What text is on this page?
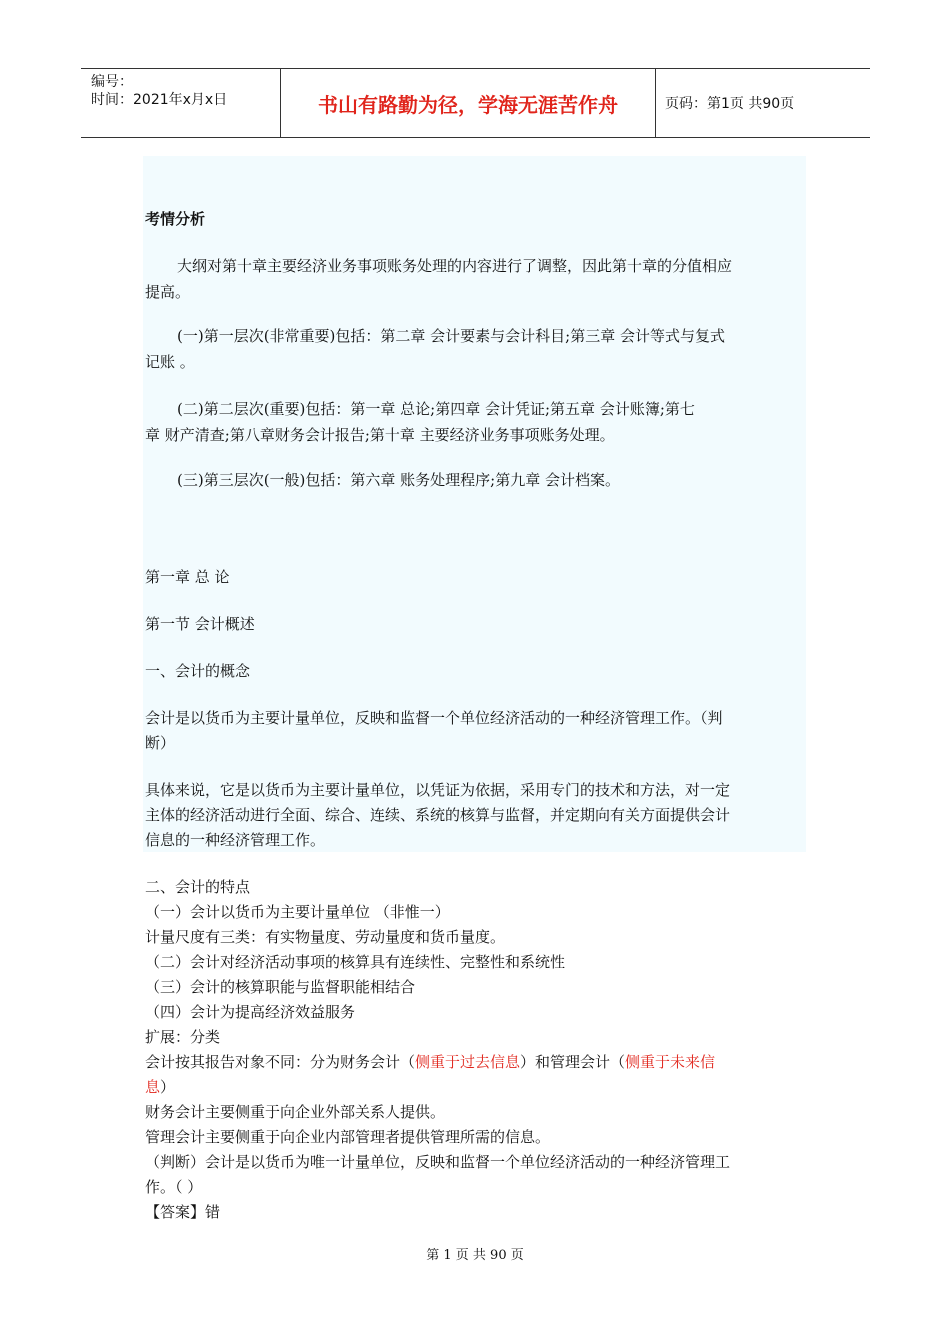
编号：
时间：2021年x月x日	书山有路勤为径，学海无涯苦作舟	页码：第1页 共90页
考情分析
大纲对第十章主要经济业务事项账务处理的内容进行了调整，因此第十章的分值相应
提高。
(一)第一层次(非常重要)包括：第二章 会计要素与会计科目;第三章 会计等式与复式
记账 。
(二)第二层次(重要)包括：第一章 总论;第四章 会计凭证;第五章 会计账簿;第七
章 财产清查;第八章财务会计报告;第十章 主要经济业务事项账务处理。
(三)第三层次(一般)包括：第六章 账务处理程序;第九章 会计档案。
第一章 总 论
第一节 会计概述
一、会计的概念
会计是以货币为主要计量单位，反映和监督一个单位经济活动的一种经济管理工作。（判
断）
具体来说，它是以货币为主要计量单位，以凭证为依据，采用专门的技术和方法，对一定
主体的经济活动进行全面、综合、连续、系统的核算与监督，并定期向有关方面提供会计
信息的一种经济管理工作。
二、会计的特点
（一）会计以货币为主要计量单位 （非惟一）
计量尺度有三类：有实物量度、劳动量度和货币量度。
（二）会计对经济活动事项的核算具有连续性、完整性和系统性
（三）会计的核算职能与监督职能相结合
（四）会计为提高经济效益服务
扩展：分类
会计按其报告对象不同：分为财务会计（侧重于过去信息）和管理会计（侧重于未来信
息）
财务会计主要侧重于向企业外部关系人提供。
管理会计主要侧重于向企业内部管理者提供管理所需的信息。
（判断）会计是以货币为唯一计量单位，反映和监督一个单位经济活动的一种经济管理工
作。（ ）
【答案】错
第 1 页 共 90 页
